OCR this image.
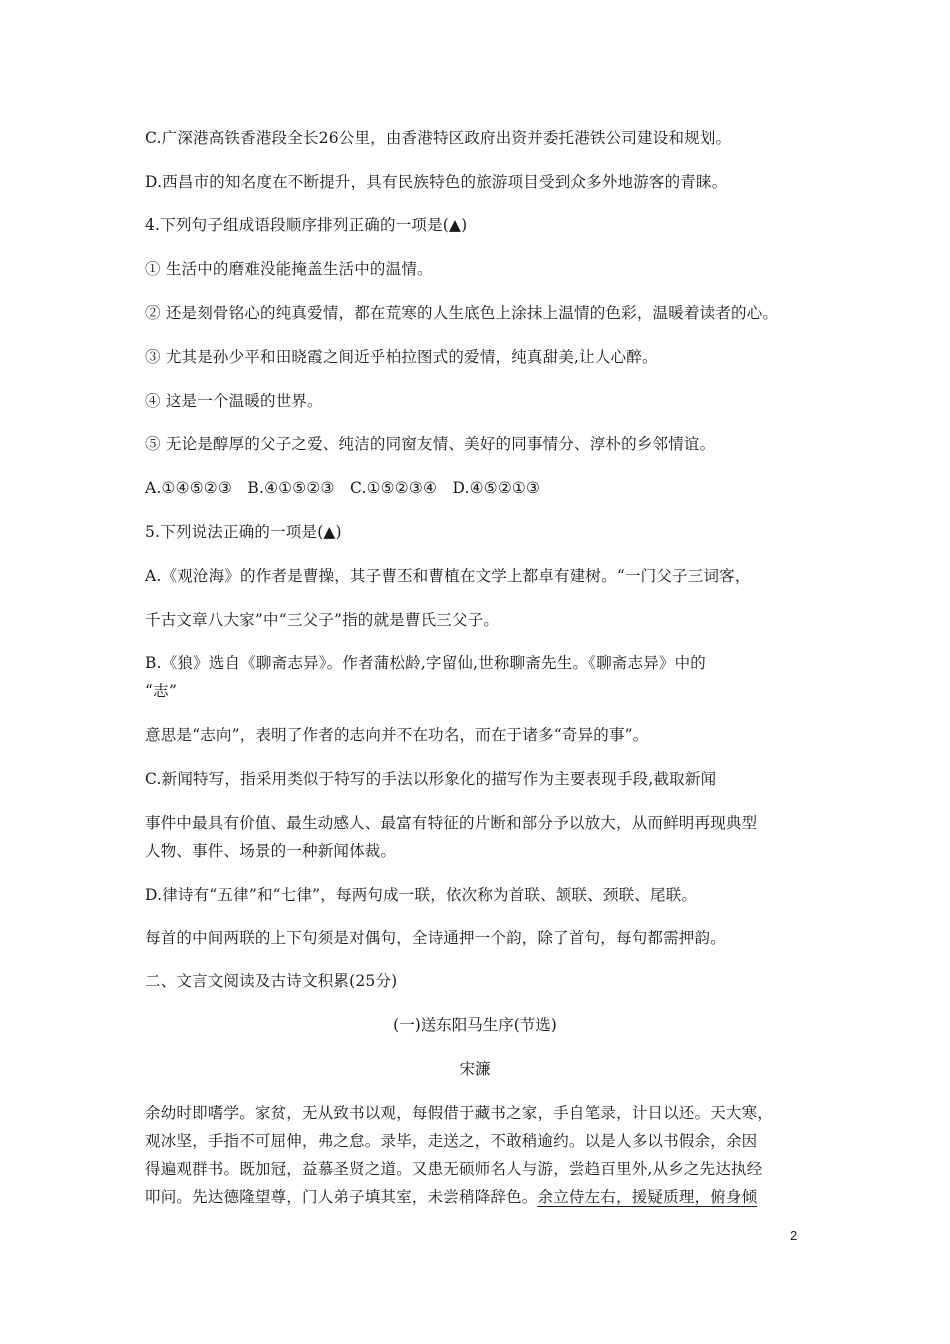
C.广深港高铁香港段全长26公里，由香港特区政府出资并委托港铁公司建设和规划。
D.西昌市的知名度在不断提升，具有民族特色的旅游项目受到众多外地游客的青睐。
4.下列句子组成语段顺序排列正确的一项是(▲)
① 生活中的磨难没能掩盖生活中的温情。
② 还是刻骨铭心的纯真爱情，都在荒寒的人生底色上涂抹上温情的色彩，温暖着读者的心。
③ 尤其是孙少平和田晓霞之间近乎柏拉图式的爱情，纯真甜美,让人心醉。
④ 这是一个温暖的世界。
⑤ 无论是醇厚的父子之爱、纯洁的同窗友情、美好的同事情分、淳朴的乡邻情谊。
A.①④⑤②③   B.④①⑤②③   C.①⑤②③④   D.④⑤②①③
5.下列说法正确的一项是(▲)
A.《观沧海》的作者是曹操，其子曹丕和曹植在文学上都卓有建树。“一门父子三词客，
千古文章八大家”中“三父子”指的就是曹氏三父子。
B.《狼》选自《聊斋志异》。作者蒲松龄,字留仙,世称聊斋先生。《聊斋志异》中的
“志”
意思是“志向”，表明了作者的志向并不在功名，而在于诸多“奇异的事”。
C.新闻特写，指采用类似于特写的手法以形象化的描写作为主要表现手段,截取新闻
事件中最具有价值、最生动感人、最富有特征的片断和部分予以放大，从而鲜明再现典型
人物、事件、场景的一种新闻体裁。
D.律诗有“五律”和“七律”，每两句成一联，依次称为首联、颔联、颈联、尾联。
每首的中间两联的上下句须是对偶句，全诗通押一个韵，除了首句，每句都需押韵。
二、文言文阅读及古诗文积累(25分)
(一)送东阳马生序(节选)
宋濂
余幼时即嗜学。家贫，无从致书以观，每假借于藏书之家，手自笔录，计日以还。天大寒，
观冰坚，手指不可屈伸，弗之怠。录毕，走送之，不敢稍逾约。以是人多以书假余，余因
得遍观群书。既加冠，益慕圣贤之道。又患无硕师名人与游，尝趋百里外,从乡之先达执经
叩问。先达德隆望尊，门人弟子填其室，未尝稍降辞色。余立侍左右，援疑质理，俯身倾
2
